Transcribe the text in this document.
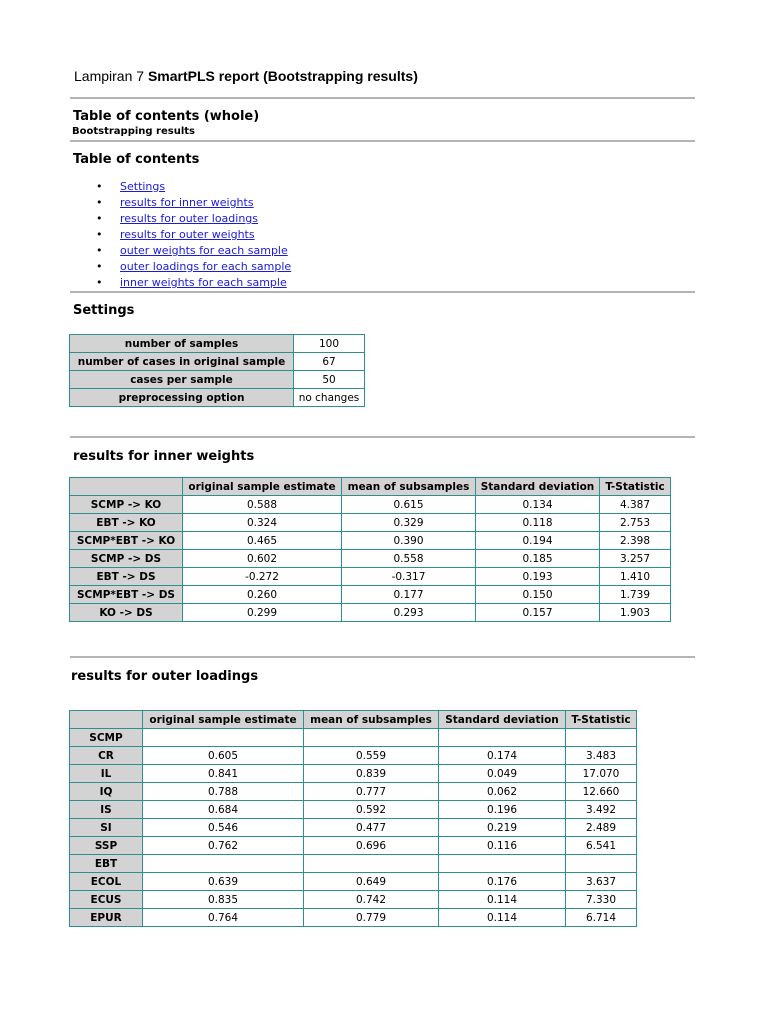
Lampiran 7 SmartPLS report (Bootstrapping results)
Table of contents (whole)
Bootstrapping results
Table of contents
• Settings
• results for inner weights
• results for outer loadings
• results for outer weights
• outer weights for each sample
• outer loadings for each sample
• inner weights for each sample
Settings
number of samples	100
number of cases in original sample	67
cases per sample	50
preprocessing option	no changes
results for inner weights
	original sample estimate	mean of subsamples	Standard deviation	T-Statistic
SCMP -> KO	0.588	0.615	0.134	4.387
EBT -> KO	0.324	0.329	0.118	2.753
SCMP*EBT -> KO	0.465	0.390	0.194	2.398
SCMP -> DS	0.602	0.558	0.185	3.257
EBT -> DS	-0.272	-0.317	0.193	1.410
SCMP*EBT -> DS	0.260	0.177	0.150	1.739
KO -> DS	0.299	0.293	0.157	1.903
results for outer loadings
	original sample estimate	mean of subsamples	Standard deviation	T-Statistic
SCMP				
CR	0.605	0.559	0.174	3.483
IL	0.841	0.839	0.049	17.070
IQ	0.788	0.777	0.062	12.660
IS	0.684	0.592	0.196	3.492
SI	0.546	0.477	0.219	2.489
SSP	0.762	0.696	0.116	6.541
EBT				
ECOL	0.639	0.649	0.176	3.637
ECUS	0.835	0.742	0.114	7.330
EPUR	0.764	0.779	0.114	6.714
